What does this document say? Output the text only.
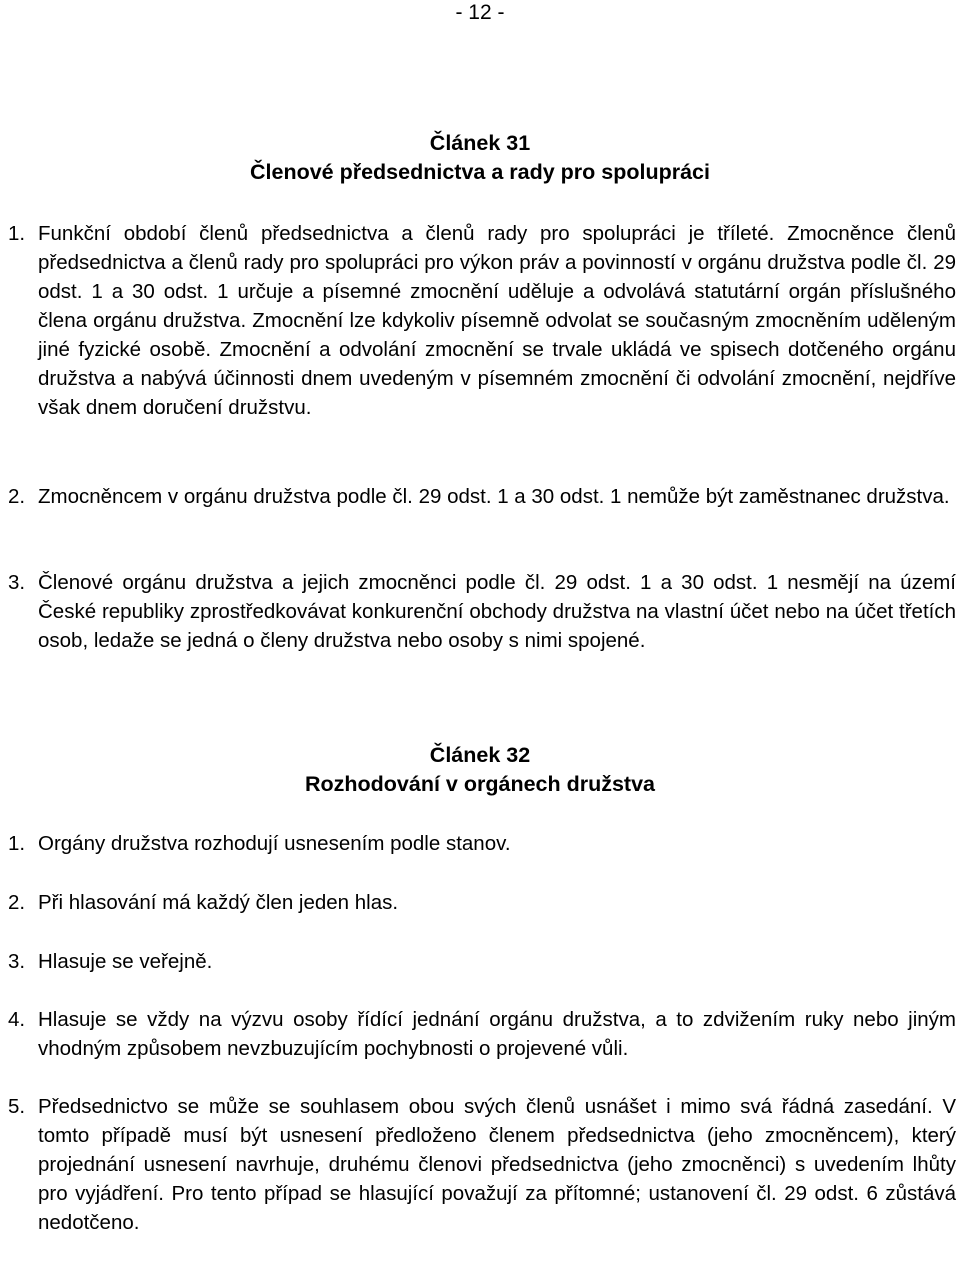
- 12 -
Článek 31
Členové předsednictva a rady pro spolupráci
1. Funkční období členů předsednictva a členů rady pro spolupráci je tříleté. Zmocněnce členů předsednictva a členů rady pro spolupráci pro výkon práv a povinností v orgánu družstva podle čl. 29 odst. 1 a 30 odst. 1 určuje a písemné zmocnění uděluje a odvolává statutární orgán příslušného člena orgánu družstva. Zmocnění lze kdykoliv písemně odvolat se současným zmocněním uděleným jiné fyzické osobě. Zmocnění a odvolání zmocnění se trvale ukládá ve spisech dotčeného orgánu družstva a nabývá účinnosti dnem uvedeným v písemném zmocnění či odvolání zmocnění, nejdříve však dnem doručení družstvu.
2. Zmocněncem v orgánu družstva podle čl. 29 odst. 1 a 30 odst. 1 nemůže být zaměstnanec družstva.
3. Členové orgánu družstva a jejich zmocněnci podle čl. 29 odst. 1 a 30 odst. 1 nesmějí na území České republiky zprostředkovávat konkurenční obchody družstva na vlastní účet nebo na účet třetích osob, ledaže se jedná o členy družstva nebo osoby s nimi spojené.
Článek 32
Rozhodování v orgánech družstva
1. Orgány družstva rozhodují usnesením podle stanov.
2. Při hlasování má každý člen jeden hlas.
3. Hlasuje se veřejně.
4. Hlasuje se vždy na výzvu osoby řídící jednání orgánu družstva, a to zdvižením ruky nebo jiným vhodným způsobem nevzbuzujícím pochybnosti o projevené vůli.
5. Předsednictvo se může se souhlasem obou svých členů usnášet i mimo svá řádná zasedání. V tomto případě musí být usnesení předloženo členem předsednictva (jeho zmocněncem), který projednání usnesení navrhuje, druhému členovi předsednictva (jeho zmocněnci) s uvedením lhůty pro vyjádření. Pro tento případ se hlasující považují za přítomné; ustanovení čl. 29 odst. 6 zůstává nedotčeno.
